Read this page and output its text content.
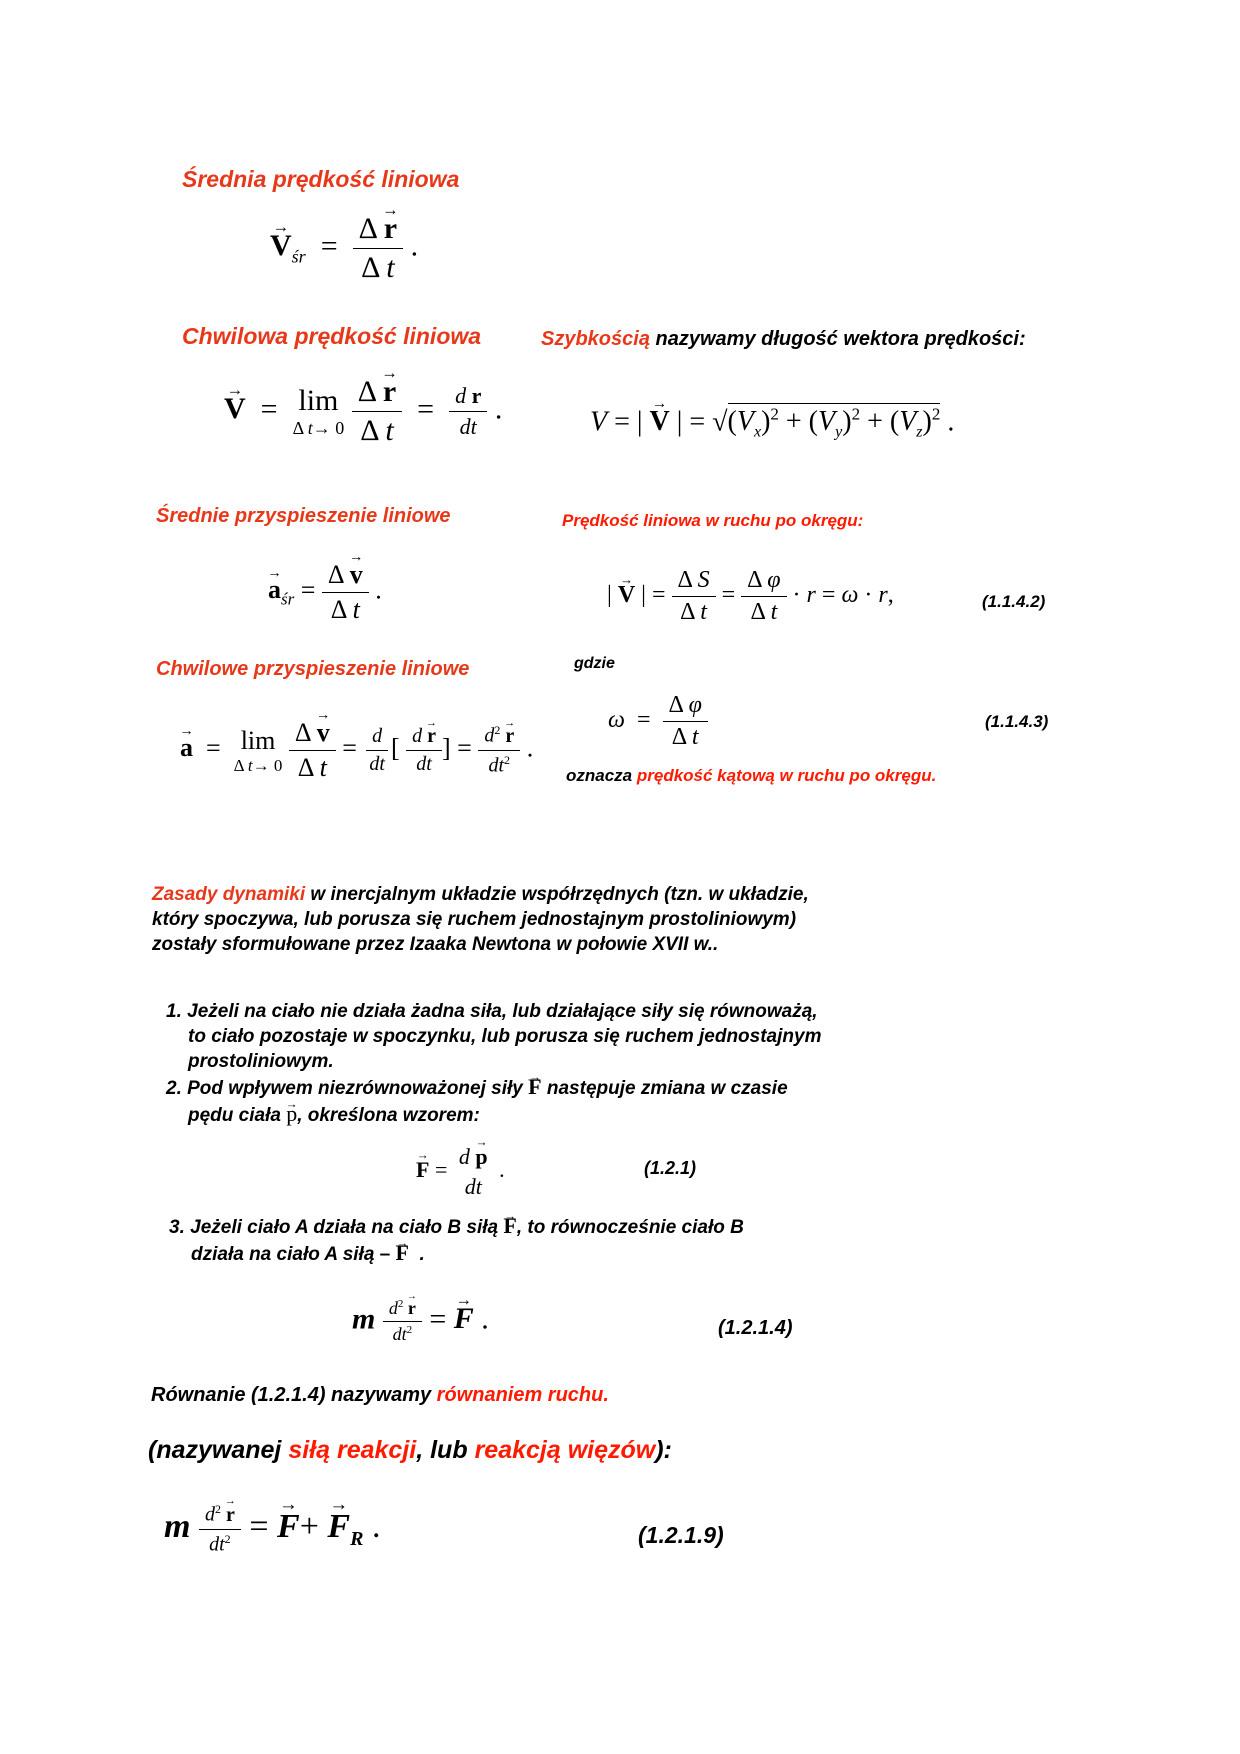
Średnia prędkość liniowa
→ $V_{śr} = \frac{\Delta \to r}{\text{Δ t}}$ .
Chwilowa prędkość liniowa	Szybkością nazywamy długość wektora prędkości:
→ V  = lim
Δ t→ 0
$\frac{\Delta \to r}{\text{Δ t}} = \frac{\text{d r}}{dt}$ .	V = | → V | = $√(V_x)^2 + (V_y)^2 + (V_z)^2$ .
Średnie przyspieszenie liniowe
→ $a_{śr} = \frac{\Delta \to v}{\text{Δ t}}$ .
Prędkość liniowa w ruchu po okręgu:
| → V | = $\frac{\text{Δ S}}{\text{Δ t}} = \frac{\text{Δ φ}}{\text{Δ t}} \cdot r = \omega \cdot r$,	(1.1.4.2)
Chwilowe przyspieszenie liniowe	gdzie
→ a  = lim
Δ t→ 0
$\frac{\Delta \to v}{\text{Δ t}} = \frac{d}{dt}$ [ $\frac{d \to r}{dt}$ ] = $\frac{d^2 \to r}{dt^2}$ .
$\omega = \frac{\text{Δ φ}}{\text{Δ t}}$	(1.1.4.3)
oznacza prędkość kątową w ruchu po okręgu.
Zasady dynamiki w inercjalnym układzie współrzędnych (tzn. w układzie,
który spoczywa, lub porusza się ruchem jednostajnym prostoliniowym)
zostały sformułowane przez Izaaka Newtona w połowie XVII w..
1. Jeżeli na ciało nie działa żadna siła, lub działające siły się równoważą,
to ciało pozostaje w spoczynku, lub porusza się ruchem jednostajnym
prostoliniowym.
2. Pod wpływem niezrównoważonej siły → F następuje zmiana w czasie
pędu ciała → p, określona wzorem:
→ F =
d → p
dt
.	(1.2.1)
3. Jeżeli ciało A działa na ciało B siłą → F, to równocześnie ciało B
działa na ciało A siłą – → F  .
m $\frac{d^2 \to r}{dt^2}$ = → F .	(1.2.1.4)
Równanie (1.2.1.4) nazywamy równaniem ruchu.
(nazywanej siłą reakcji, lub reakcją więzów):
m $\frac{d^2 \to r}{dt^2}$ = → $F+ \to F_R$ .	(1.2.1.9)
